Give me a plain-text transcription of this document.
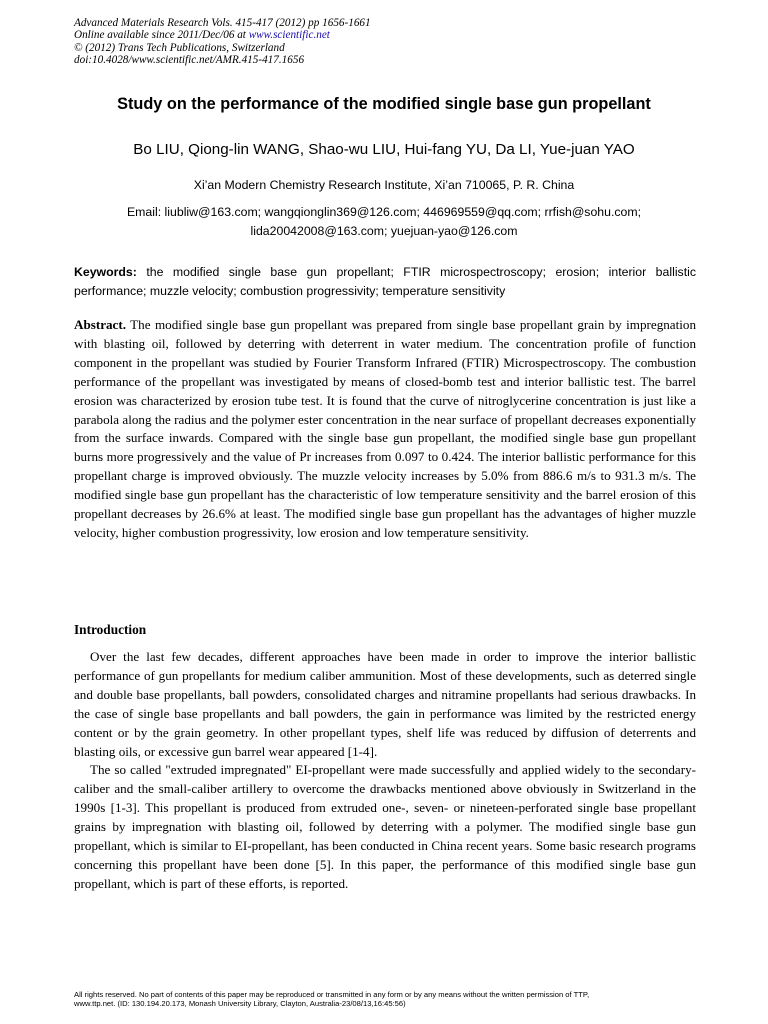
Advanced Materials Research Vols. 415-417 (2012) pp 1656-1661
Online available since 2011/Dec/06 at www.scientific.net
© (2012) Trans Tech Publications, Switzerland
doi:10.4028/www.scientific.net/AMR.415-417.1656
Study on the performance of the modified single base gun propellant
Bo LIU, Qiong-lin WANG, Shao-wu LIU, Hui-fang YU, Da LI, Yue-juan YAO
Xi’an Modern Chemistry Research Institute, Xi’an 710065, P. R. China
Email: liubliw@163.com; wangqionglin369@126.com; 446969559@qq.com; rrfish@sohu.com;
lida20042008@163.com; yuejuan-yao@126.com
Keywords: the modified single base gun propellant; FTIR microspectroscopy; erosion; interior ballistic performance; muzzle velocity; combustion progressivity; temperature sensitivity
Abstract. The modified single base gun propellant was prepared from single base propellant grain by impregnation with blasting oil, followed by deterring with deterrent in water medium. The concentration profile of function component in the propellant was studied by Fourier Transform Infrared (FTIR) Microspectroscopy. The combustion performance of the propellant was investigated by means of closed-bomb test and interior ballistic test. The barrel erosion was characterized by erosion tube test. It is found that the curve of nitroglycerine concentration is just like a parabola along the radius and the polymer ester concentration in the near surface of propellant decreases exponentially from the surface inwards. Compared with the single base gun propellant, the modified single base gun propellant burns more progressively and the value of Pr increases from 0.097 to 0.424. The interior ballistic performance for this propellant charge is improved obviously. The muzzle velocity increases by 5.0% from 886.6 m/s to 931.3 m/s. The modified single base gun propellant has the characteristic of low temperature sensitivity and the barrel erosion of this propellant decreases by 26.6% at least. The modified single base gun propellant has the advantages of higher muzzle velocity, higher combustion progressivity, low erosion and low temperature sensitivity.
Introduction

Over the last few decades, different approaches have been made in order to improve the interior ballistic performance of gun propellants for medium caliber ammunition. Most of these developments, such as deterred single and double base propellants, ball powders, consolidated charges and nitramine propellants had serious drawbacks. In the case of single base propellants and ball powders, the gain in performance was limited by the restricted energy content or by the grain geometry. In other propellant types, shelf life was reduced by diffusion of deterrents and blasting oils, or excessive gun barrel wear appeared [1-4].

The so called "extruded impregnated" EI-propellant were made successfully and applied widely to the secondary-caliber and the small-caliber artillery to overcome the drawbacks mentioned above obviously in Switzerland in the 1990s [1-3]. This propellant is produced from extruded one-, seven- or nineteen-perforated single base propellant grains by impregnation with blasting oil, followed by deterring with a polymer. The modified single base gun propellant, which is similar to EI-propellant, has been conducted in China recent years. Some basic research programs concerning this propellant have been done [5]. In this paper, the performance of this modified single base gun propellant, which is part of these efforts, is reported.

All rights reserved. No part of contents of this paper may be reproduced or transmitted in any form or by any means without the written permission of TTP,
www.ttp.net. (ID: 130.194.20.173, Monash University Library, Clayton, Australia-23/08/13,16:45:56)
